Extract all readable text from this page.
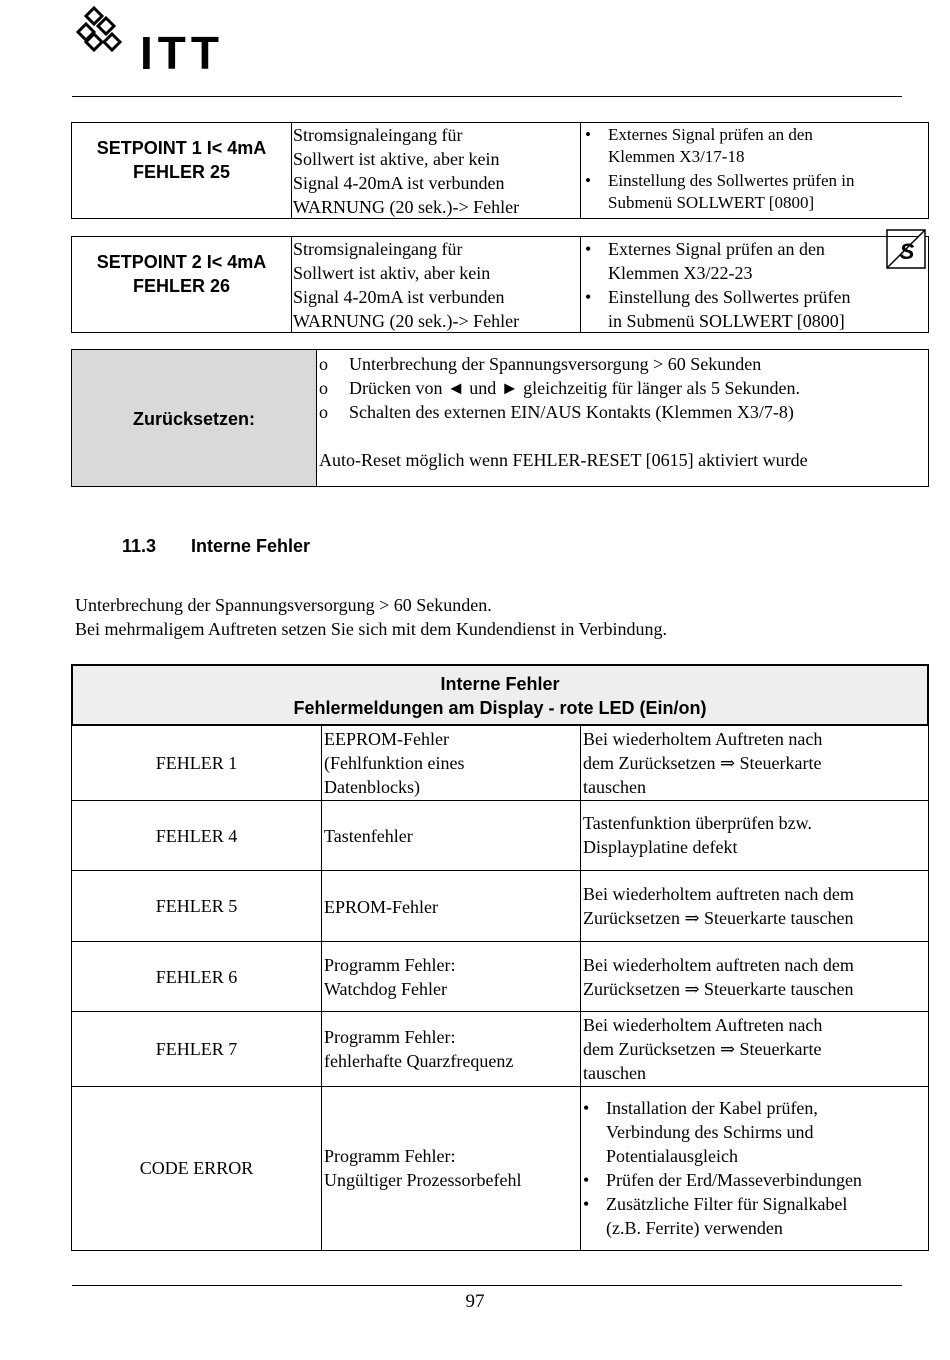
ITT
SETPOINT 1 I< 4mA
FEHLER 25
Stromsignaleingang für
Sollwert ist aktive, aber kein
Signal 4-20mA ist verbunden
WARNUNG (20 sek.)-> Fehler
• Externes Signal prüfen an den
Klemmen X3/17-18
• Einstellung des Sollwertes prüfen in
Submenü SOLLWERT [0800]
SETPOINT 2 I< 4mA
FEHLER 26
Stromsignaleingang für
Sollwert ist aktiv, aber kein
Signal 4-20mA ist verbunden
WARNUNG (20 sek.)-> Fehler
• Externes Signal prüfen an den
Klemmen X3/22-23
• Einstellung des Sollwertes prüfen
in Submenü SOLLWERT [0800]
S
Zurücksetzen:
o Unterbrechung der Spannungsversorgung > 60 Sekunden
o Drücken von ◄ und ► gleichzeitig für länger als 5 Sekunden.
o Schalten des externen EIN/AUS Kontakts (Klemmen X3/7-8)
Auto-Reset möglich wenn FEHLER-RESET [0615] aktiviert wurde
11.3 Interne Fehler
Unterbrechung der Spannungsversorgung > 60 Sekunden.
Bei mehrmaligem Auftreten setzen Sie sich mit dem Kundendienst in Verbindung.
Interne Fehler
Fehlermeldungen am Display - rote LED (Ein/on)
FEHLER 1
EEPROM-Fehler
(Fehlfunktion eines
Datenblocks)
Bei wiederholtem Auftreten nach
dem Zurücksetzen ⇒ Steuerkarte
tauschen
FEHLER 4	Tastenfehler
Tastenfunktion überprüfen bzw.
Displayplatine defekt
FEHLER 5	EPROM-Fehler
Bei wiederholtem auftreten nach dem
Zurücksetzen ⇒ Steuerkarte tauschen
FEHLER 6
Programm Fehler:
Watchdog Fehler
Bei wiederholtem auftreten nach dem
Zurücksetzen ⇒ Steuerkarte tauschen
FEHLER 7
Programm Fehler:
fehlerhafte Quarzfrequenz
Bei wiederholtem Auftreten nach
dem Zurücksetzen ⇒ Steuerkarte
tauschen
CODE ERROR
Programm Fehler:
Ungültiger Prozessorbefehl
• Installation der Kabel prüfen,
Verbindung des Schirms und
Potentialausgleich
• Prüfen der Erd/Masseverbindungen
• Zusätzliche Filter für Signalkabel
(z.B. Ferrite) verwenden
97
